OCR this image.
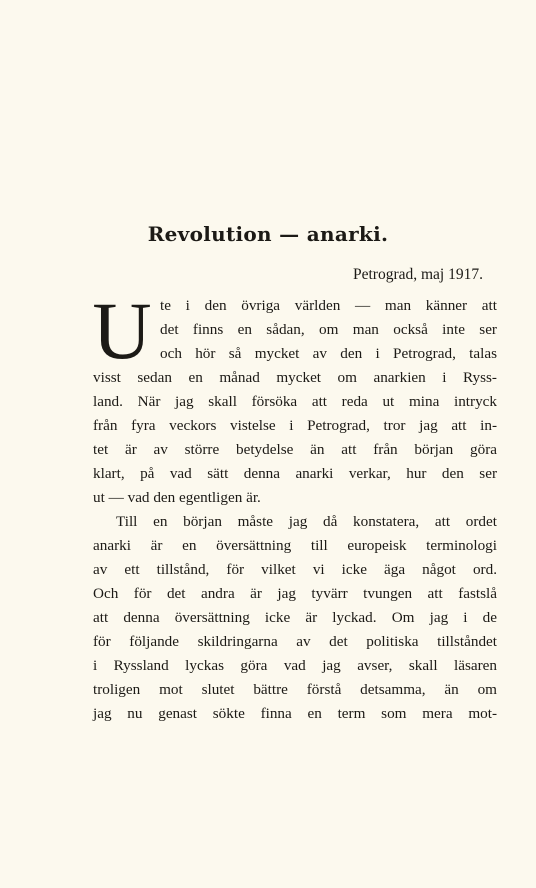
Revolution — anarki.

Petrograd, maj 1917.

U te i den övriga världen — man känner att

det finns en sådan, om man också inte ser

och hör så mycket av den i Petrograd, talas

visst sedan en månad mycket om anarkien i Ryss-

land. När jag skall försöka att reda ut mina intryck

från fyra veckors vistelse i Petrograd, tror jag att in-

tet är av större betydelse än att från början göra

klart, på vad sätt denna anarki verkar, hur den ser

ut — vad den egentligen är.

Till en början måste jag då konstatera, att ordet

anarki är en översättning till europeisk terminologi

av ett tillstånd, för vilket vi icke äga något ord.

Och för det andra är jag tyvärr tvungen att fastslå

att denna översättning icke är lyckad. Om jag i de

för följande skildringarna av det politiska tillståndet

i Ryssland lyckas göra vad jag avser, skall läsaren

troligen mot slutet bättre förstå detsamma, än om

jag nu genast sökte finna en term som mera mot-
